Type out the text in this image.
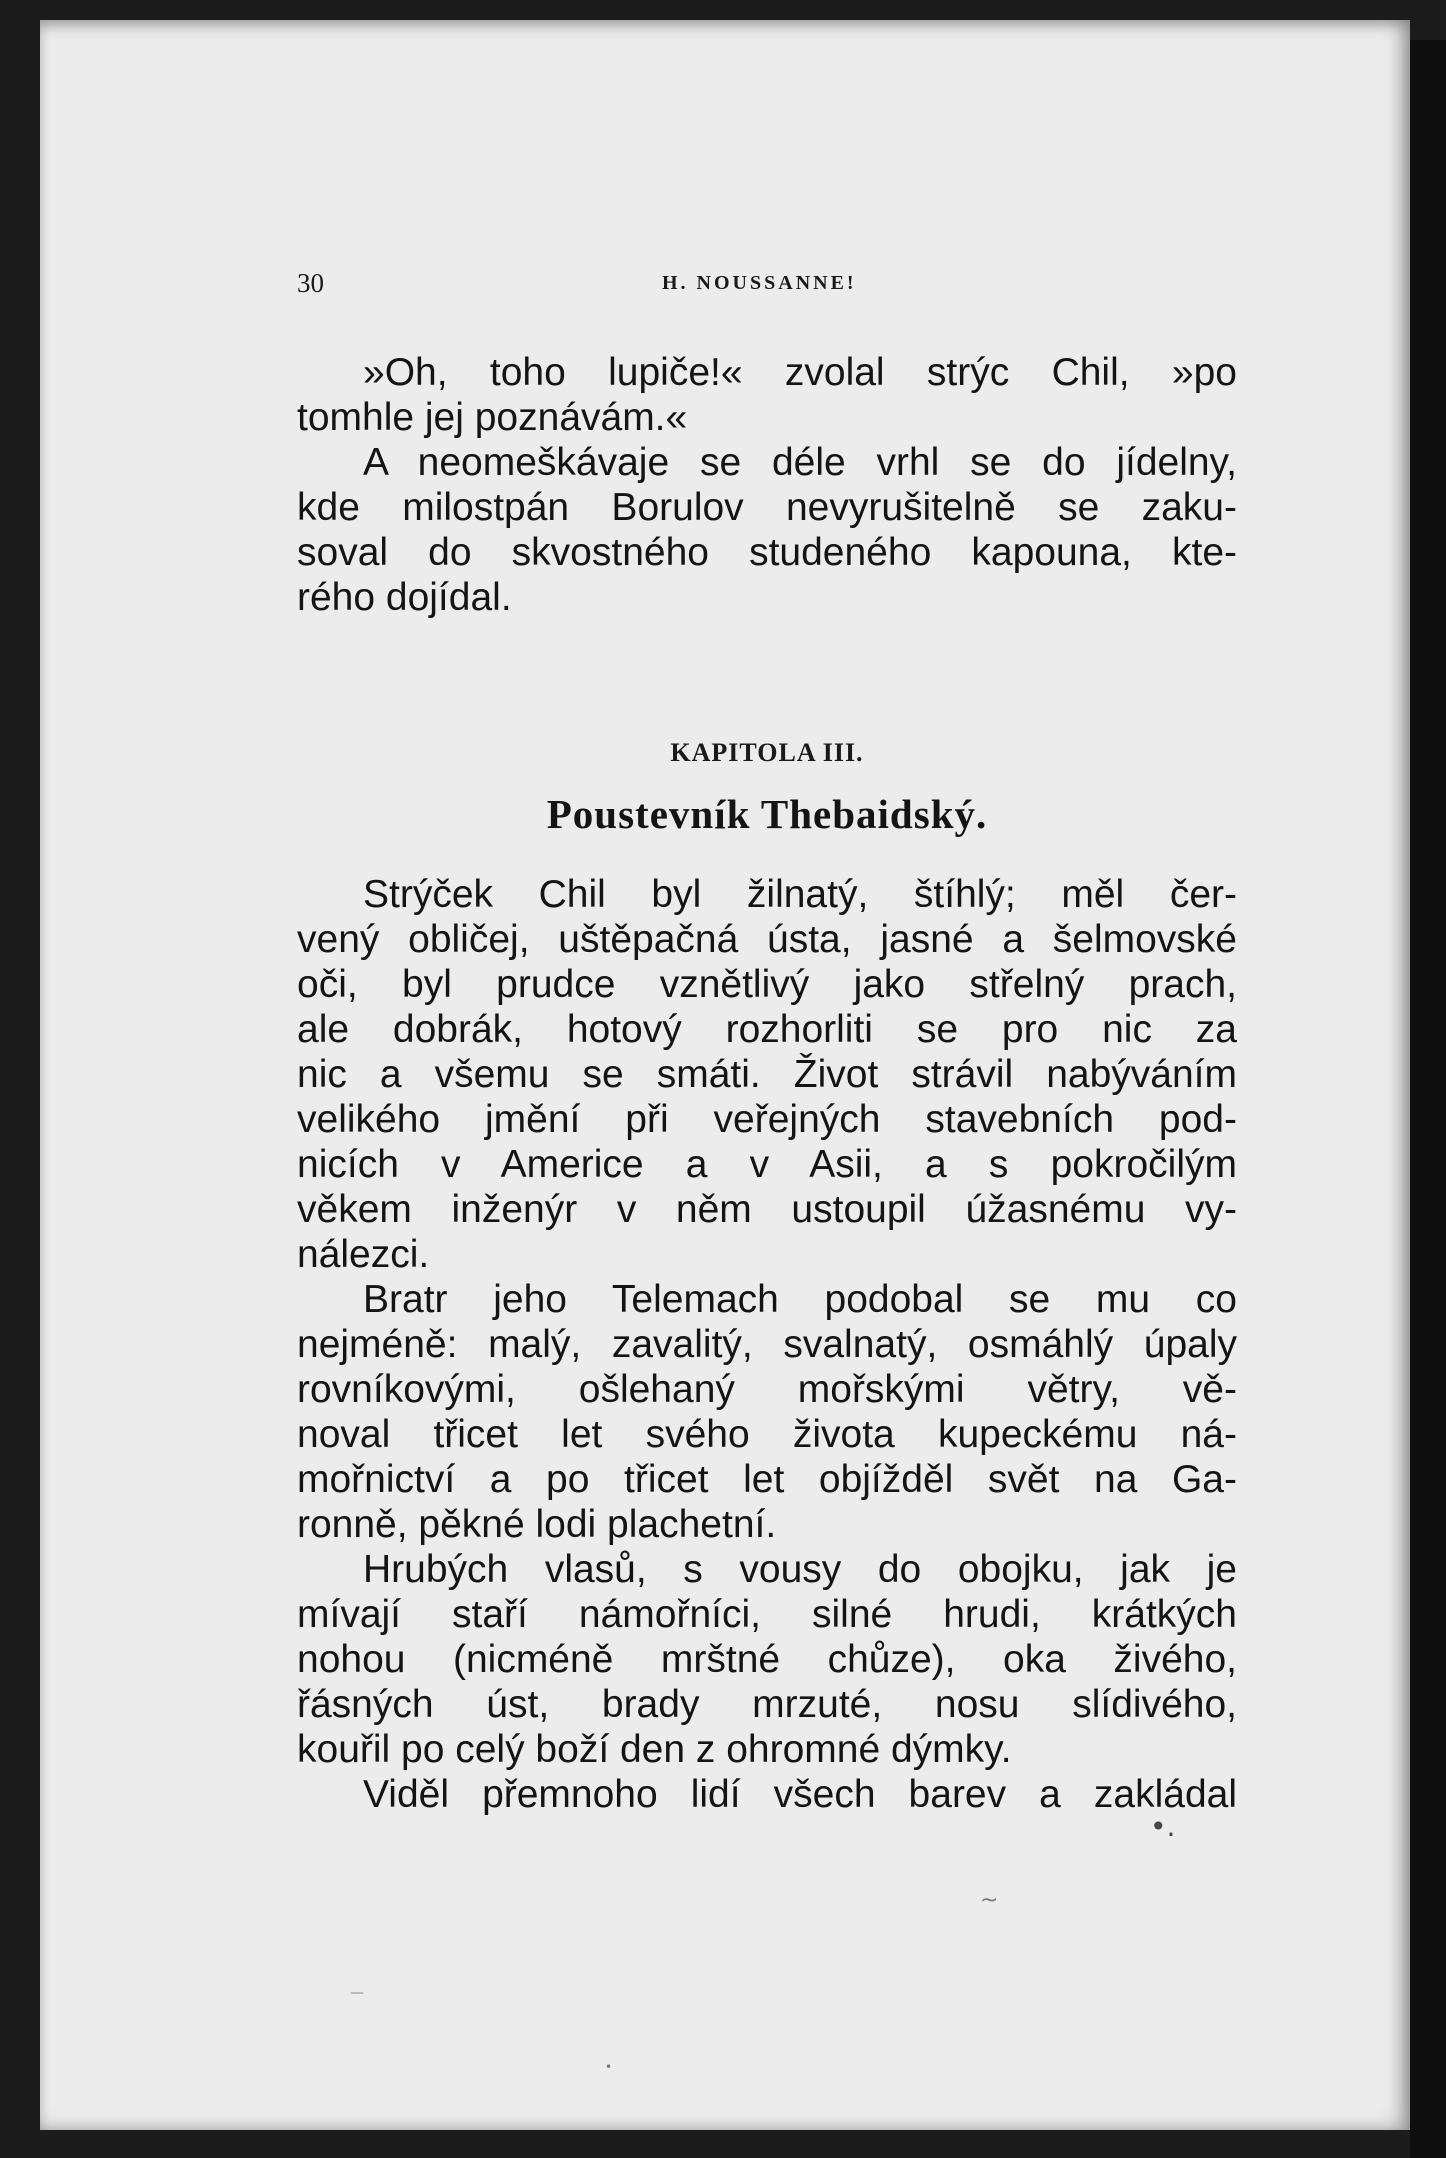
30	H. NOUSSANNE!
»Oh, toho lupiče!« zvolal strýc Chil, »po
tomhle jej poznávám.«
A neomeškávaje se déle vrhl se do jídelny,
kde milostpán Borulov nevyrušitelně se zaku-
soval do skvostného studeného kapouna, kte-
rého dojídal.
KAPITOLA III.
Poustevník Thebaidský.
Strýček Chil byl žilnatý, štíhlý; měl čer-
vený obličej, uštěpačná ústa, jasné a šelmovské
oči, byl prudce vznětlivý jako střelný prach,
ale dobrák, hotový rozhorliti se pro nic za
nic a všemu se smáti. Život strávil nabýváním
velikého jmění při veřejných stavebních pod-
nicích v Americe a v Asii, a s pokročilým
věkem inženýr v něm ustoupil úžasnému vy-
nálezci.
Bratr jeho Telemach podobal se mu co
nejméně: malý, zavalitý, svalnatý, osmáhlý úpaly
rovníkovými, ošlehaný mořskými větry, vě-
noval třicet let svého života kupeckému ná-
mořnictví a po třicet let objížděl svět na Ga-
ronně, pěkné lodi plachetní.
Hrubých vlasů, s vousy do obojku, jak je
mívají staří námořníci, silné hrudi, krátkých
nohou (nicméně mrštné chůze), oka živého,
řásných úst, brady mrzuté, nosu slídivého,
kouřil po celý boží den z ohromné dýmky.
Viděl přemnoho lidí všech barev a zakládal
•.
~
—
•
